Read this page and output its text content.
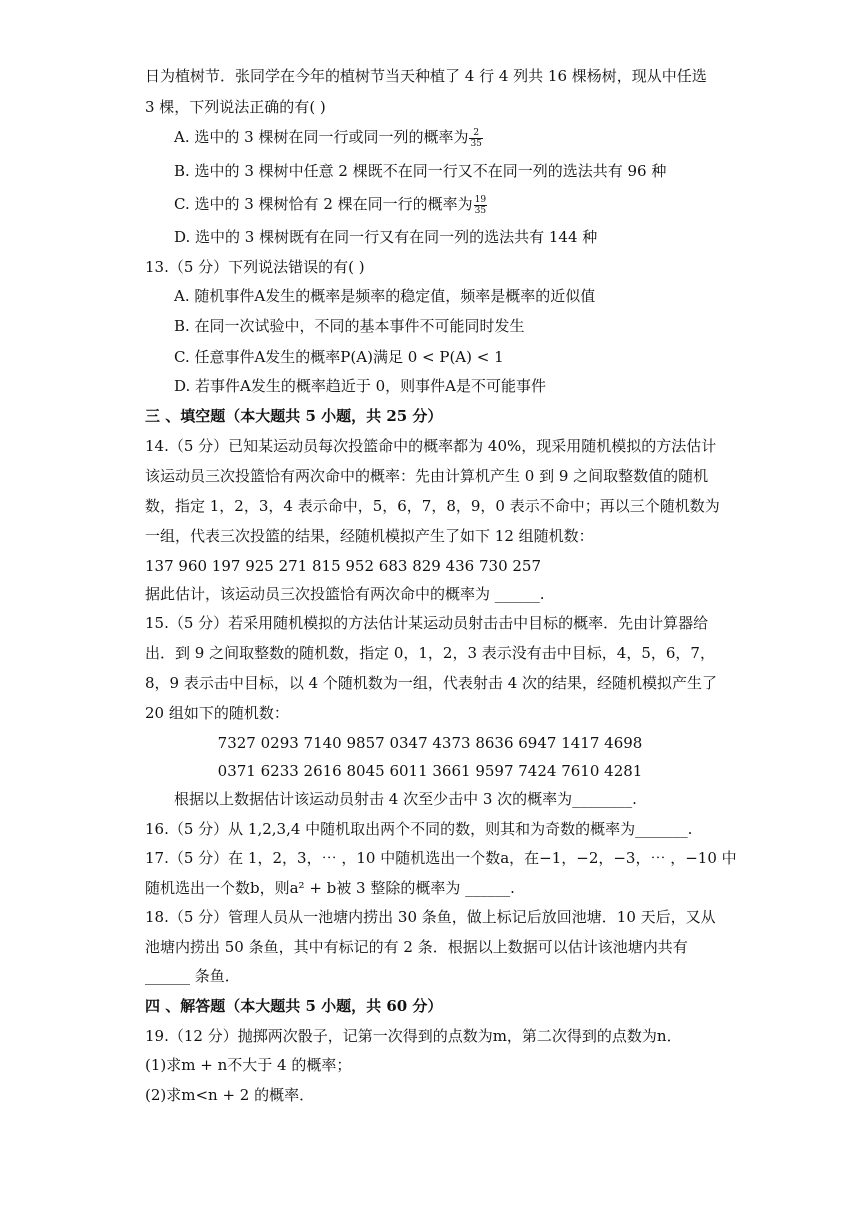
日为植树节．张同学在今年的植树节当天种植了 4 行 4 列共 16 棵杨树，现从中任选
3 棵，下列说法正确的有( )
A. 选中的 3 棵树在同一行或同一列的概率为 $\frac{2}{35}$
B. 选中的 3 棵树中任意 2 棵既不在同一行又不在同一列的选法共有 96 种
C. 选中的 3 棵树恰有 2 棵在同一行的概率为 $\frac{19}{35}$
D. 选中的 3 棵树既有在同一行又有在同一列的选法共有 144 种
13.（5 分）下列说法错误的有( )
A. 随机事件A发生的概率是频率的稳定值，频率是概率的近似值
B. 在同一次试验中，不同的基本事件不可能同时发生
C. 任意事件A发生的概率P(A)满足 0 < P(A) < 1
D. 若事件A发生的概率趋近于 0，则事件A是不可能事件
三 、填空题（本大题共 5 小题，共 25 分）
14.（5 分）已知某运动员每次投篮命中的概率都为 40%，现采用随机模拟的方法估计
该运动员三次投篮恰有两次命中的概率：先由计算机产生 0 到 9 之间取整数值的随机
数，指定 1，2，3，4 表示命中，5，6，7，8，9，0 表示不命中；再以三个随机数为
一组，代表三次投篮的结果，经随机模拟产生了如下 12 组随机数：
137 960 197 925 271 815 952 683 829 436 730 257
据此估计，该运动员三次投篮恰有两次命中的概率为 ______.
15.（5 分）若采用随机模拟的方法估计某运动员射击击中目标的概率．先由计算器给
出．到 9 之间取整数的随机数，指定 0，1，2，3 表示没有击中目标，4，5，6，7，
8，9 表示击中目标，以 4 个随机数为一组，代表射击 4 次的结果，经随机模拟产生了
20 组如下的随机数：
7327 0293 7140 9857 0347 4373 8636 6947 1417 4698
0371 6233 2616 8045 6011 3661 9597 7424 7610 4281
根据以上数据估计该运动员射击 4 次至少击中 3 次的概率为________.
16.（5 分）从 1,2,3,4 中随机取出两个不同的数，则其和为奇数的概率为_______.
17.（5 分）在 1，2，3，⋯ ，10 中随机选出一个数a，在−1，−2，−3，⋯ ，−10 中
随机选出一个数b，则a² + b被 3 整除的概率为 ______.
18.（5 分）管理人员从一池塘内捞出 30 条鱼，做上标记后放回池塘．10 天后，又从
池塘内捞出 50 条鱼，其中有标记的有 2 条．根据以上数据可以估计该池塘内共有
______ 条鱼．
四 、解答题（本大题共 5 小题，共 60 分）
19.（12 分）抛掷两次骰子，记第一次得到的点数为m，第二次得到的点数为n．
(1)求m + n不大于 4 的概率；
(2)求m<n + 2 的概率．
